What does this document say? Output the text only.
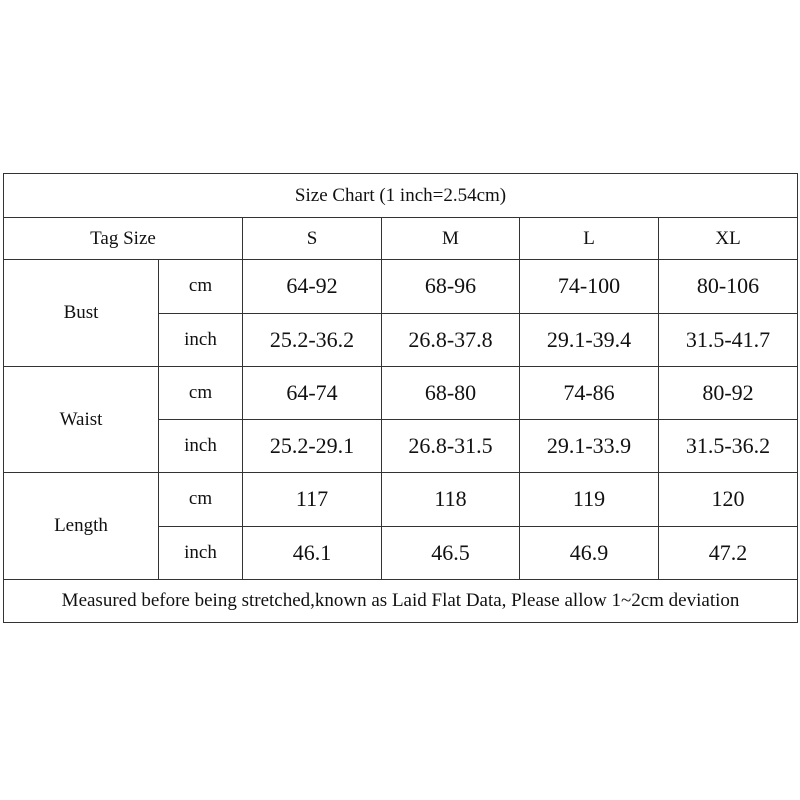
Size Chart (1 inch=2.54cm)					
Tag Size		S	M	L	XL
Bust	cm	64-92	68-96	74-100	80-106
	inch	25.2-36.2	26.8-37.8	29.1-39.4	31.5-41.7
Waist	cm	64-74	68-80	74-86	80-92
	inch	25.2-29.1	26.8-31.5	29.1-33.9	31.5-36.2
Length	cm	117	118	119	120
	inch	46.1	46.5	46.9	47.2
Measured before being stretched,known as Laid Flat Data, Please allow 1~2cm deviation					
